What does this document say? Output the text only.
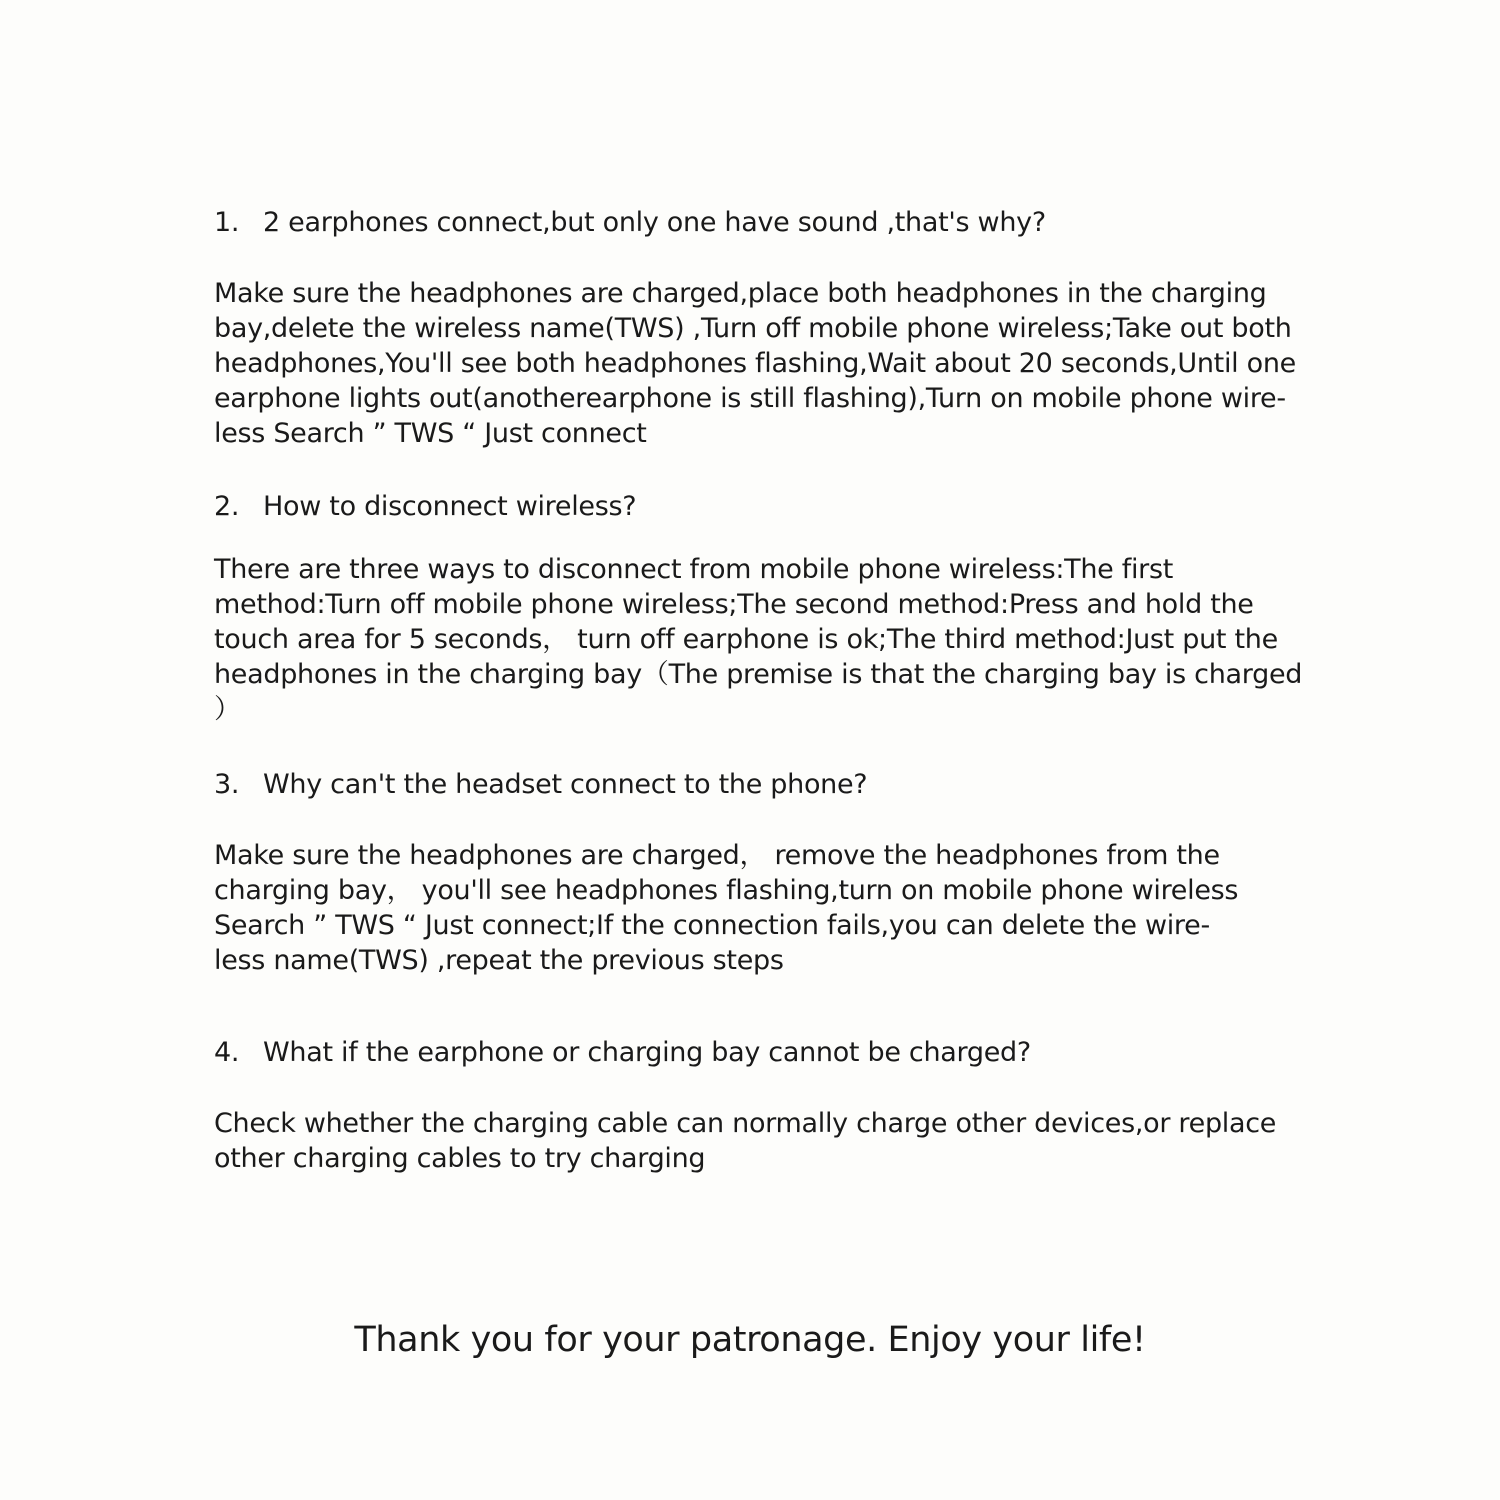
1. 2 earphones connect,but only one have sound ,that's why?

Make sure the headphones are charged,place both headphones in the charging
bay,delete the wireless name(TWS) ,Turn off mobile phone wireless;Take out both
headphones,You'll see both headphones flashing,Wait about 20 seconds,Until one
earphone lights out(anotherearphone is still flashing),Turn on mobile phone wire-
less Search ” TWS “ Just connect

2. How to disconnect wireless?

There are three ways to disconnect from mobile phone wireless:The first
method:Turn off mobile phone wireless;The second method:Press and hold the
touch area for 5 seconds， turn off earphone is ok;The third method:Just put the
headphones in the charging bay（The premise is that the charging bay is charged
）

3. Why can't the headset connect to the phone?

Make sure the headphones are charged， remove the headphones from the
charging bay， you'll see headphones flashing,turn on mobile phone wireless
Search ” TWS “ Just connect;If the connection fails,you can delete the wire-
less name(TWS) ,repeat the previous steps

4. What if the earphone or charging bay cannot be charged?

Check whether the charging cable can normally charge other devices,or replace
other charging cables to try charging

Thank you for your patronage. Enjoy your life!
